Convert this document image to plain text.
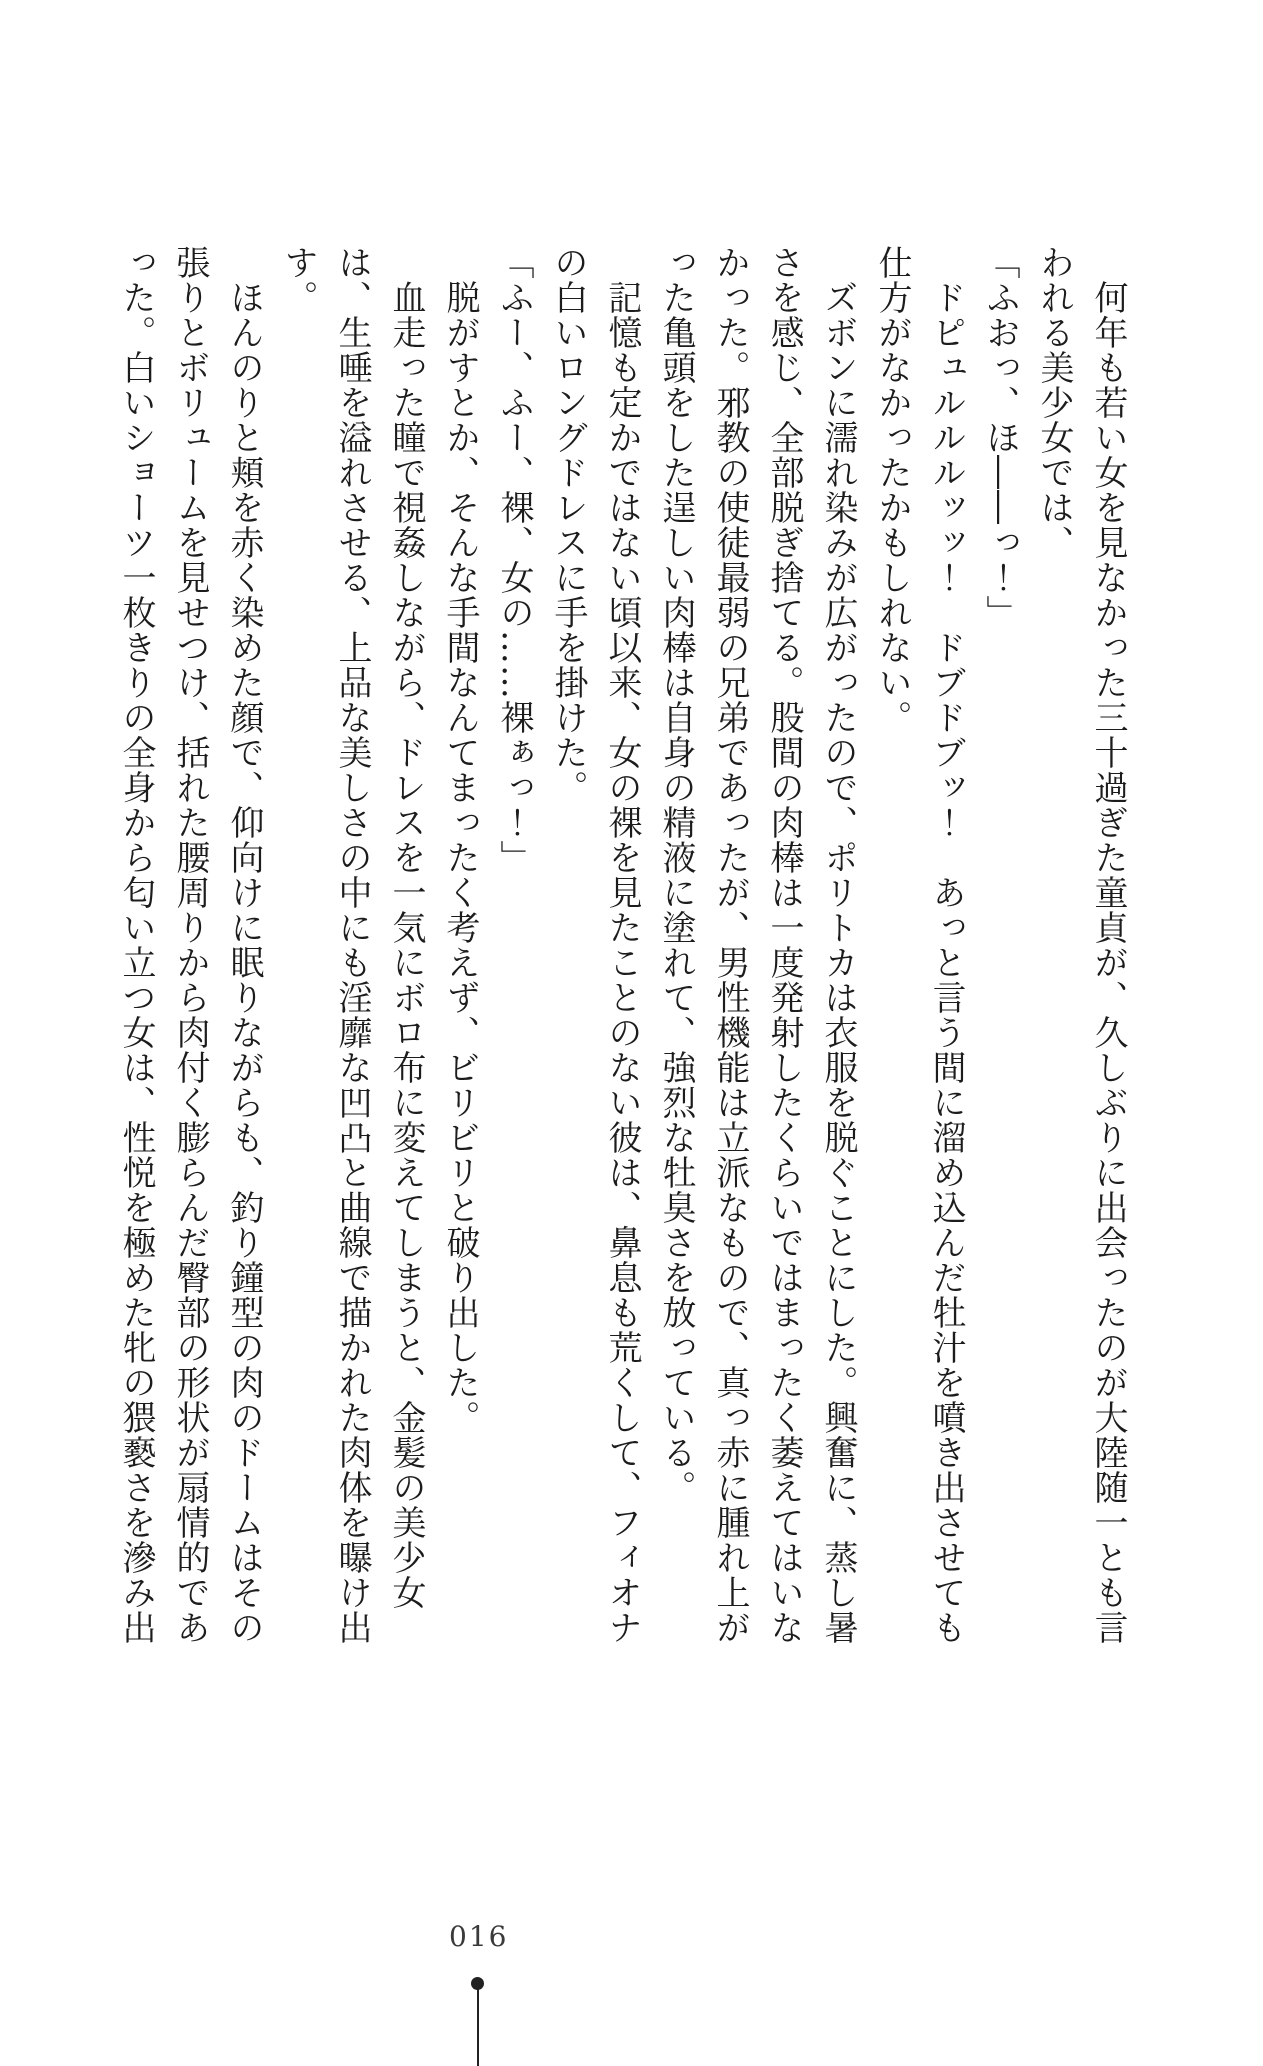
　何年も若い女を見なかった三十過ぎた童貞が、久しぶりに出会ったのが大陸随一とも言われる美少女では、

「ふおっ、ほ――っ！」

　ドピュルルルッッ！　ドブドブッ！　あっと言う間に溜め込んだ牡汁を噴き出させても仕方がなかったかもしれない。

　ズボンに濡れ染みが広がったので、ポリトカは衣服を脱ぐことにした。興奮に、蒸し暑さを感じ、全部脱ぎ捨てる。股間の肉棒は一度発射したくらいではまったく萎えてはいなかった。邪教の使徒最弱の兄弟であったが、男性機能は立派なもので、真っ赤に腫れ上がった亀頭をした逞しい肉棒は自身の精液に塗れて、強烈な牡臭さを放っている。

　記憶も定かではない頃以来、女の裸を見たことのない彼は、鼻息も荒くして、フィオナの白いロングドレスに手を掛けた。

「ふー、ふー、裸、女の……裸ぁっ！」

　脱がすとか、そんな手間なんてまったく考えず、ビリビリと破り出した。

　血走った瞳で視姦しながら、ドレスを一気にボロ布に変えてしまうと、金髪の美少女は、生唾を溢れさせる、上品な美しさの中にも淫靡な凹凸と曲線で描かれた肉体を曝け出す。

　ほんのりと頬を赤く染めた顔で、仰向けに眠りながらも、釣り鐘型の肉のドームはその張りとボリュームを見せつけ、括れた腰周りから肉付く膨らんだ臀部の形状が扇情的であった。白いショーツ一枚きりの全身から匂い立つ女は、性悦を極めた牝の猥褻さを滲み出

016
